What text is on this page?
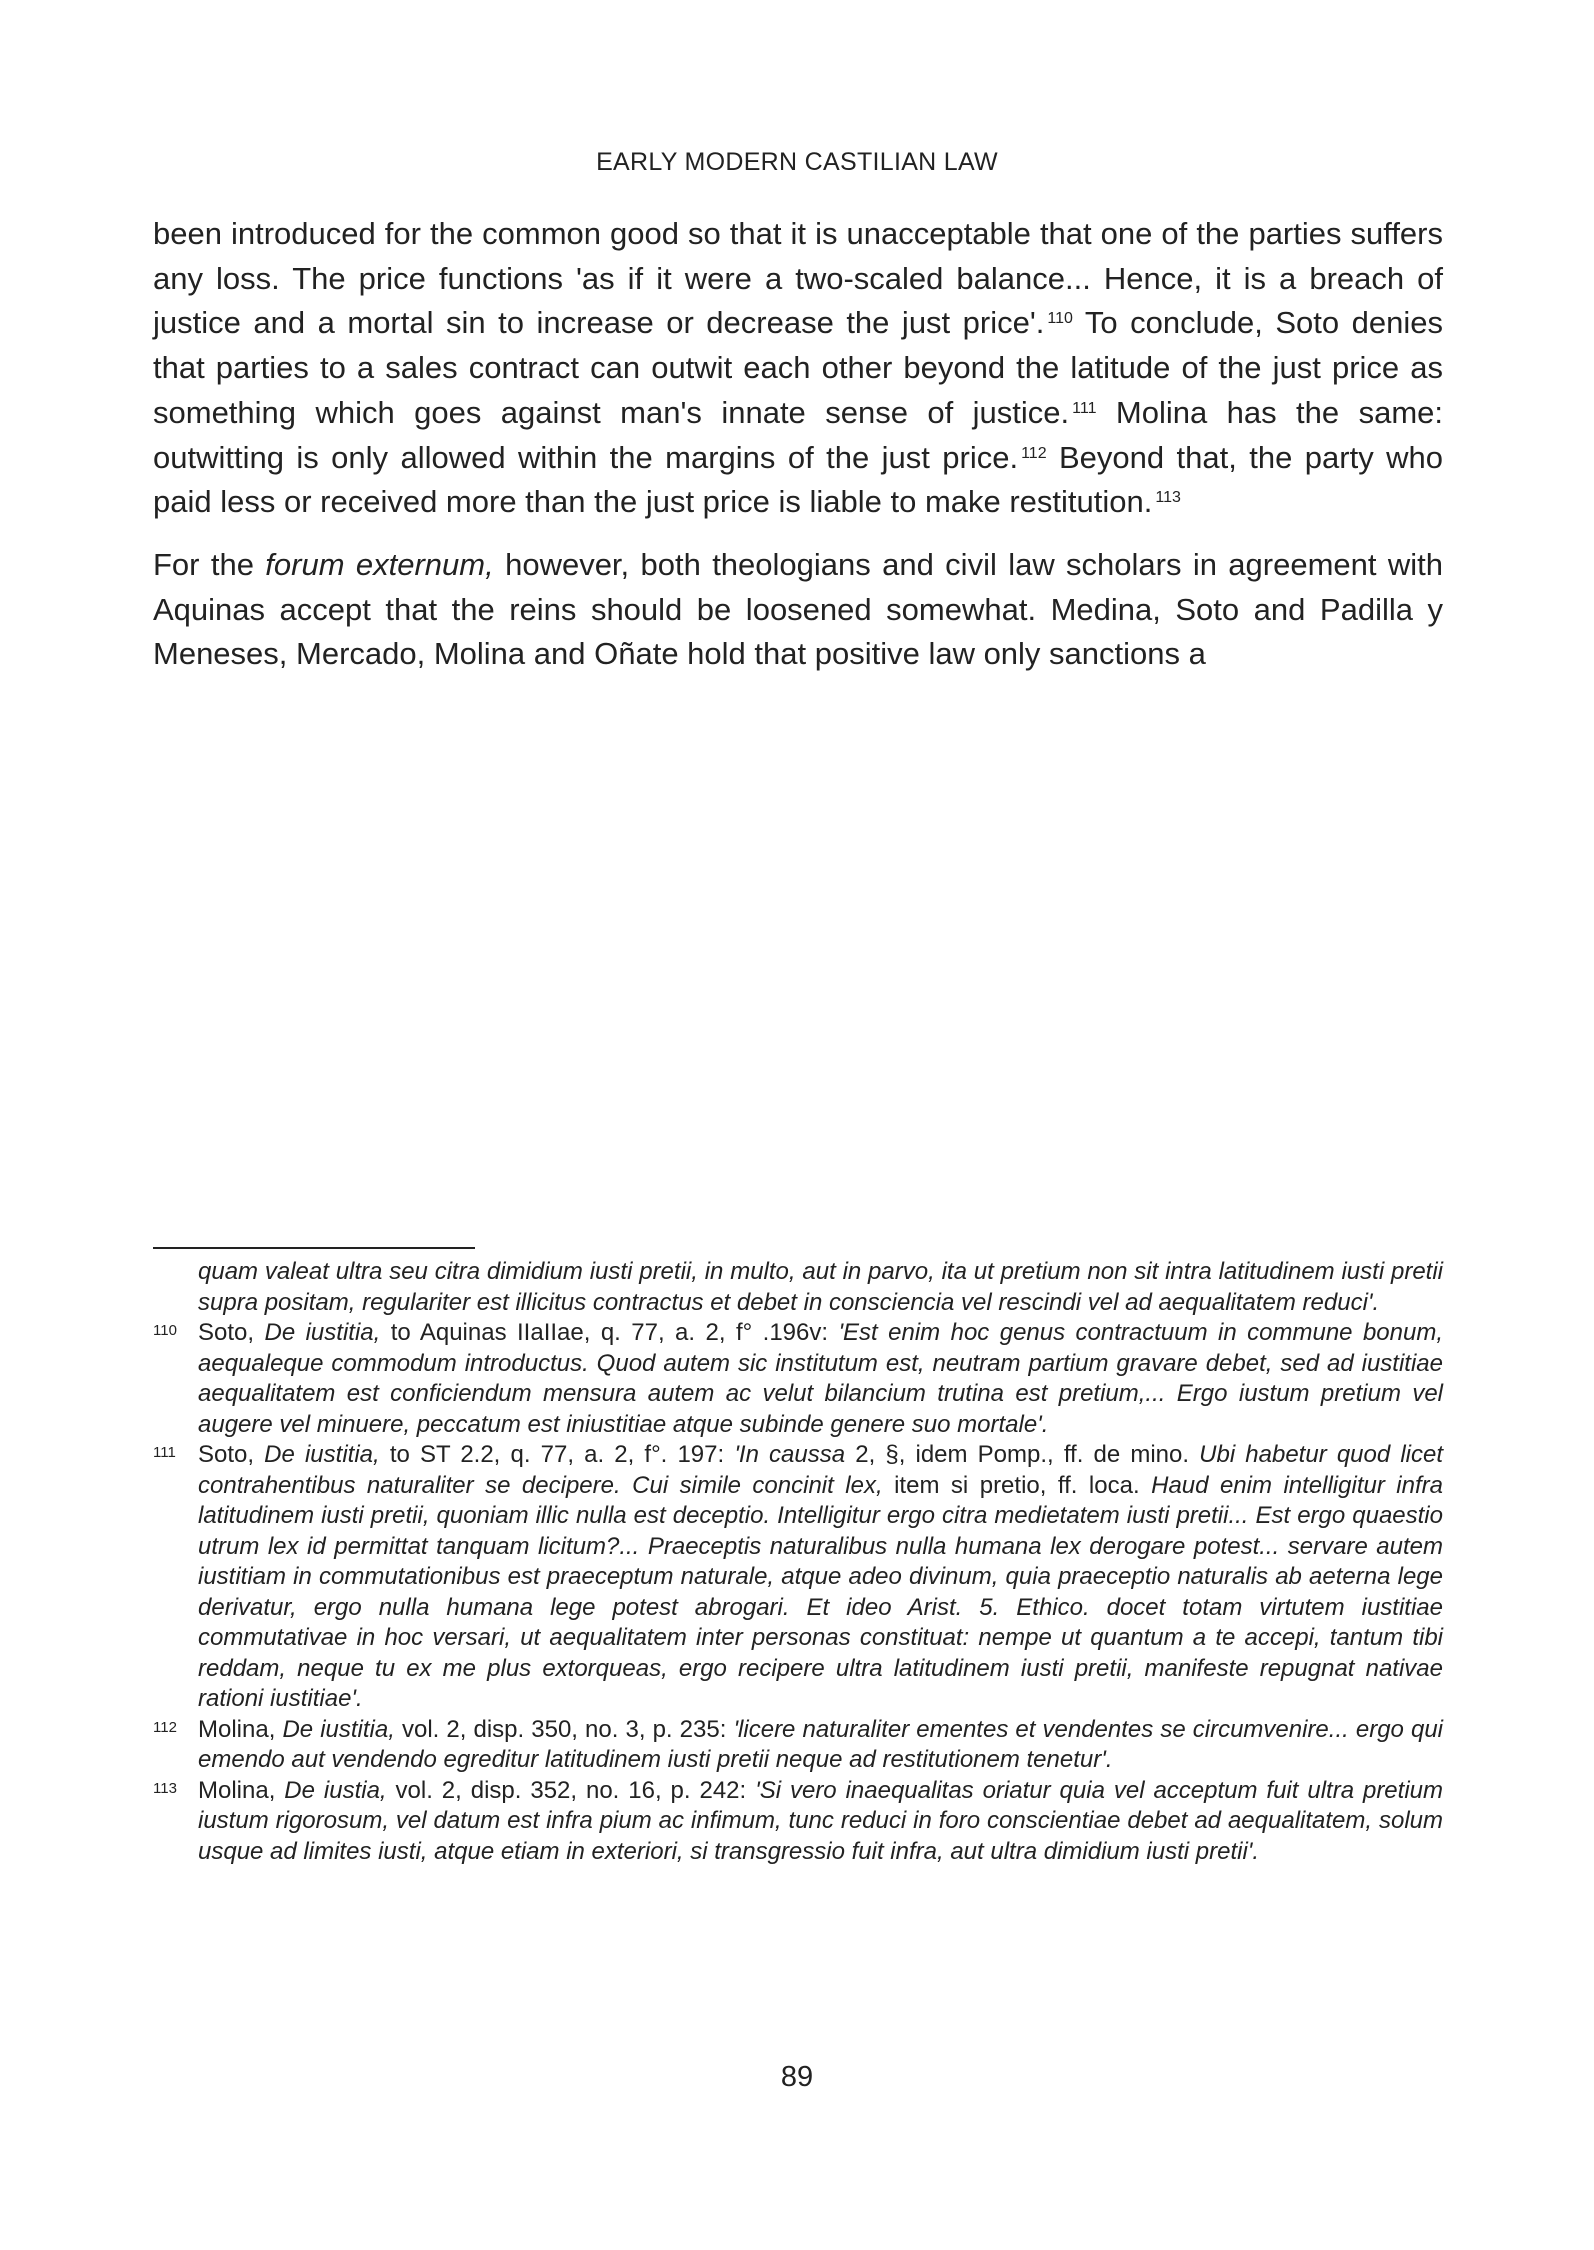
EARLY MODERN CASTILIAN LAW

been introduced for the common good so that it is unacceptable that one of the parties suffers any loss. The price functions 'as if it were a two-scaled balance... Hence, it is a breach of justice and a mortal sin to increase or decrease the just price'. $^{110}$ To conclude, Soto denies that parties to a sales contract can outwit each other beyond the latitude of the just price as something which goes against man's innate sense of justice. $^{111}$ Molina has the same: outwitting is only allowed within the margins of the just price. $^{112}$ Beyond that, the party who paid less or received more than the just price is liable to make restitution. $^{113}$

For the forum externum, however, both theologians and civil law scholars in agreement with Aquinas accept that the reins should be loosened somewhat. Medina, Soto and Padilla y Meneses, Mercado, Molina and Oñate hold that positive law only sanctions a

quam valeat ultra seu citra dimidium iusti pretii, in multo, aut in parvo, ita ut pretium non sit intra latitudinem iusti pretii supra positam, regulariter est illicitus contractus et debet in consciencia vel rescindi vel ad aequalitatem reduci'.
110 Soto, De iustitia, to Aquinas IIaIIae, q. 77, a. 2, f° .196v: 'Est enim hoc genus contractuum in commune bonum, aequaleque commodum introductus. Quod autem sic institutum est, neutram partium gravare debet, sed ad iustitiae aequalitatem est conficiendum mensura autem ac velut bilancium trutina est pretium,... Ergo iustum pretium vel augere vel minuere, peccatum est iniustitiae atque subinde genere suo mortale'.
111 Soto, De iustitia, to ST 2.2, q. 77, a. 2, f°. 197: 'In caussa 2, §, idem Pomp., ff. de mino. Ubi habetur quod licet contrahentibus naturaliter se decipere. Cui simile concinit lex, item si pretio, ff. loca. Haud enim intelligitur infra latitudinem iusti pretii, quoniam illic nulla est deceptio. Intelligitur ergo citra medietatem iusti pretii... Est ergo quaestio utrum lex id permittat tanquam licitum?... Praeceptis naturalibus nulla humana lex derogare potest... servare autem iustitiam in commutationibus est praeceptum naturale, atque adeo divinum, quia praeceptio naturalis ab aeterna lege derivatur, ergo nulla humana lege potest abrogari. Et ideo Arist. 5. Ethico. docet totam virtutem iustitiae commutativae in hoc versari, ut aequalitatem inter personas constituat: nempe ut quantum a te accepi, tantum tibi reddam, neque tu ex me plus extorqueas, ergo recipere ultra latitudinem iusti pretii, manifeste repugnat nativae rationi iustitiae'.
112 Molina, De iustitia, vol. 2, disp. 350, no. 3, p. 235: 'licere naturaliter ementes et vendentes se circumvenire... ergo qui emendo aut vendendo egreditur latitudinem iusti pretii neque ad restitutionem tenetur'.
113 Molina, De iustia, vol. 2, disp. 352, no. 16, p. 242: 'Si vero inaequalitas oriatur quia vel acceptum fuit ultra pretium iustum rigorosum, vel datum est infra pium ac infimum, tunc reduci in foro conscientiae debet ad aequalitatem, solum usque ad limites iusti, atque etiam in exteriori, si transgressio fuit infra, aut ultra dimidium iusti pretii'.
89
